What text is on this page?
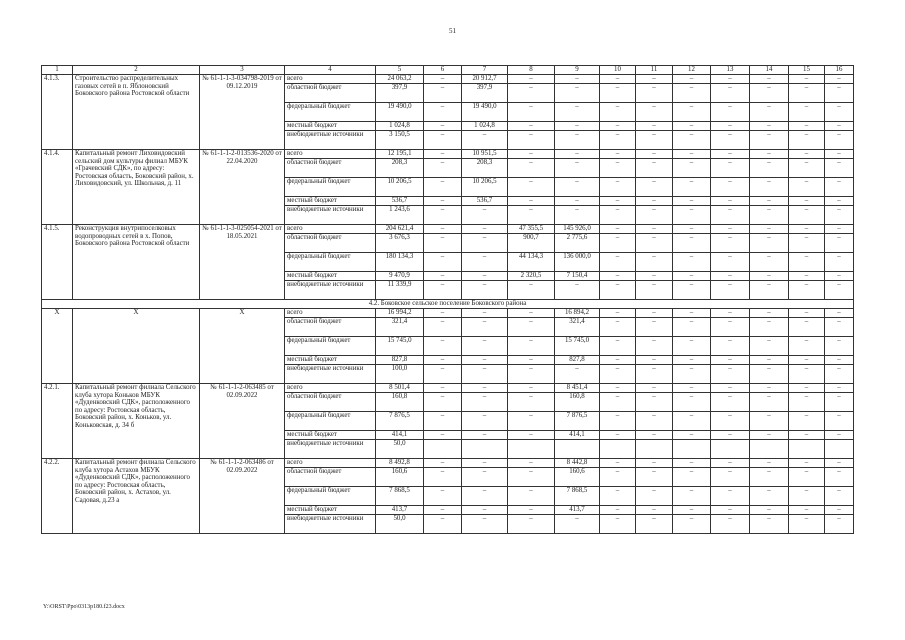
51
1	2	3	4	5	6	7	8	9	10	11	12	13	14	15	16
4.1.3.	Строительство распределительных газовых сетей в п. Яблоновский Боковского района Ростовской области	№ 61-1-1-3-034798-2019 от 09.12.2019	всего	24 063,2	–	20 912,7	–	–	–	–	–	–	–	–	–
			областной бюджет	397,9	–	397,9	–	–	–	–	–	–	–	–	–
			федеральный бюджет	19 490,0	–	19 490,0	–	–	–	–	–	–	–	–	–
			местный бюджет	1 024,8	–	1 024,8	–	–	–	–	–	–	–	–	–
			внебюджетные источники	3 150,5	–	–	–	–	–	–	–	–	–	–	–
4.1.4.	Капитальный ремонт Лиховидовский сельский дом культуры филиал МБУК «Грачевский СДК», по адресу: Ростовская область, Боковский район, х. Лиховидовский, ул. Школьная, д. 11	№ 61-1-1-2-013536-2020 от 22.04.2020	всего	12 195,1	–	10 951,5	–	–	–	–	–	–	–	–	–
			областной бюджет	208,3	–	208,3	–	–	–	–	–	–	–	–	–
			федеральный бюджет	10 206,5	–	10 206,5	–	–	–	–	–	–	–	–	–
			местный бюджет	536,7	–	536,7	–	–	–	–	–	–	–	–	–
			внебюджетные источники	1 243,6	–	–	–	–	–	–	–	–	–	–	–
4.1.5.	Реконструкция внутрипоселковых водопроводных сетей в х. Попов, Боковского района Ростовской области	№ 61-1-1-3-025054-2021 от 18.05.2021	всего	204 621,4	–	–	47 355,5	145 926,0	–	–	–	–	–	–	–
			областной бюджет	3 676,3	–	–	900,7	2 775,6	–	–	–	–	–	–	–
			федеральный бюджет	180 134,3	–	–	44 134,3	136 000,0	–	–	–	–	–	–	–
			местный бюджет	9 470,9	–	–	2 320,5	7 150,4	–	–	–	–	–	–	–
			внебюджетные источники	11 339,9	–	–	–	–	–	–	–	–	–	–	–
4.2. Боковское сельское поселение Боковского района															
Х	Х	Х	всего	16 994,2	–	–	–	16 894,2	–	–	–	–	–	–	–
			областной бюджет	321,4	–	–	–	321,4	–	–	–	–	–	–	–
			федеральный бюджет	15 745,0	–	–	–	15 745,0	–	–	–	–	–	–	–
			местный бюджет	827,8	–	–	–	827,8	–	–	–	–	–	–	–
			внебюджетные источники	100,0	–	–	–	–	–	–	–	–	–	–	–
4.2.1.	Капитальный ремонт филиала Сельского клуба хутора Коньков МБУК «Дуденковский СДК», расположенного по адресу: Ростовская область, Боковский район, х. Коньков, ул. Коньковская, д. 34 б	№ 61-1-1-2-063485 от 02.09.2022	всего	8 501,4	–	–	–	8 451,4	–	–	–	–	–	–	–
			областной бюджет	160,8	–	–	–	160,8	–	–	–	–	–	–	–
			федеральный бюджет	7 876,5	–	–	–	7 876,5	–	–	–	–	–	–	–
			местный бюджет	414,1	–	–	–	414,1	–	–	–	–	–	–	–
			внебюджетные источники	50,0											
4.2.2.	Капитальный ремонт филиала Сельского клуба хутора Астахов МБУК «Дуденковский СДК», расположенного по адресу: Ростовская область, Боковский район, х. Астахов, ул. Садовая, д.23 а	№ 61-1-1-2-063486 от 02.09.2022	всего	8 492,8	–	–	–	8 442,8	–	–	–	–	–	–	–
			областной бюджет	160,6	–	–	–	160,6	–	–	–	–	–	–	–
			федеральный бюджет	7 868,5	–	–	–	7 868,5	–	–	–	–	–	–	–
			местный бюджет	413,7	–	–	–	413,7	–	–	–	–	–	–	–
			внебюджетные источники	50,0	–	–	–	–	–	–	–	–	–	–	–
Y:\ORST\Ppo\0313p180.f23.docx
